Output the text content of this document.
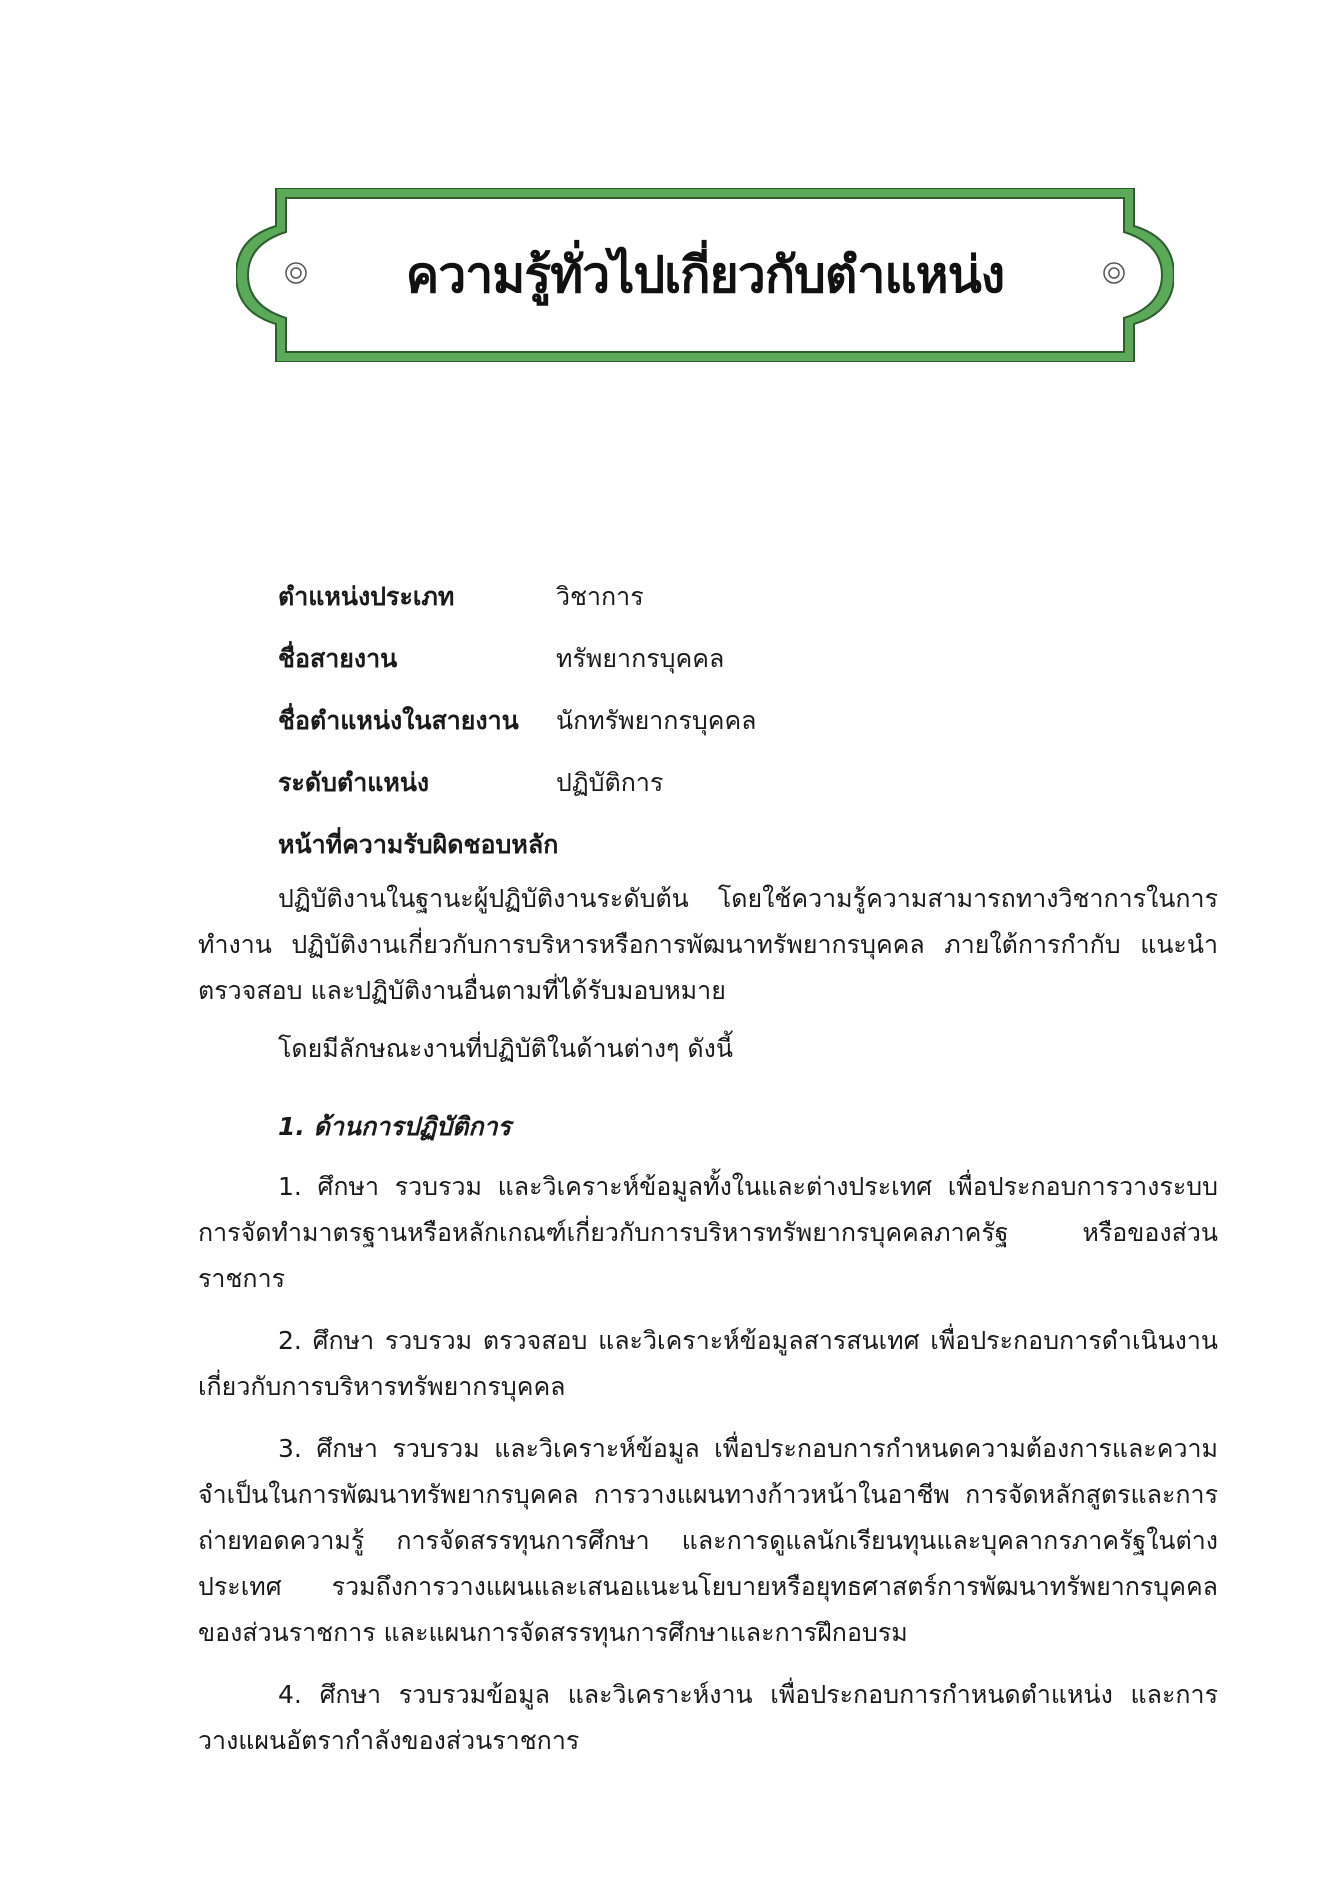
ความรู้ทั่วไปเกี่ยวกับตำแหน่ง
ตำแหน่งประเภท	วิชาการ
ชื่อสายงาน	ทรัพยากรบุคคล
ชื่อตำแหน่งในสายงาน	นักทรัพยากรบุคคล
ระดับตำแหน่ง	ปฏิบัติการ
หน้าที่ความรับผิดชอบหลัก

ปฏิบัติงานในฐานะผู้ปฏิบัติงานระดับต้น โดยใช้ความรู้ความสามารถทางวิชาการในการทำงาน ปฏิบัติงานเกี่ยวกับการบริหารหรือการพัฒนาทรัพยากรบุคคล ภายใต้การกำกับ แนะนำ ตรวจสอบ และปฏิบัติงานอื่นตามที่ได้รับมอบหมาย

โดยมีลักษณะงานที่ปฏิบัติในด้านต่างๆ ดังนี้

1. ด้านการปฏิบัติการ

1. ศึกษา รวบรวม และวิเคราะห์ข้อมูลทั้งในและต่างประเทศ เพื่อประกอบการวางระบบการจัดทำมาตรฐานหรือหลักเกณฑ์เกี่ยวกับการบริหารทรัพยากรบุคคลภาครัฐ หรือของส่วนราชการ

2. ศึกษา รวบรวม ตรวจสอบ และวิเคราะห์ข้อมูลสารสนเทศ เพื่อประกอบการดำเนินงานเกี่ยวกับการบริหารทรัพยากรบุคคล

3. ศึกษา รวบรวม และวิเคราะห์ข้อมูล เพื่อประกอบการกำหนดความต้องการและความจำเป็นในการพัฒนาทรัพยากรบุคคล การวางแผนทางก้าวหน้าในอาชีพ การจัดหลักสูตรและการถ่ายทอดความรู้ การจัดสรรทุนการศึกษา และการดูแลนักเรียนทุนและบุคลากรภาครัฐในต่างประเทศ รวมถึงการวางแผนและเสนอแนะนโยบายหรือยุทธศาสตร์การพัฒนาทรัพยากรบุคคลของส่วนราชการ และแผนการจัดสรรทุนการศึกษาและการฝึกอบรม

4. ศึกษา รวบรวมข้อมูล และวิเคราะห์งาน เพื่อประกอบการกำหนดตำแหน่ง และการวางแผนอัตรากำลังของส่วนราชการ
